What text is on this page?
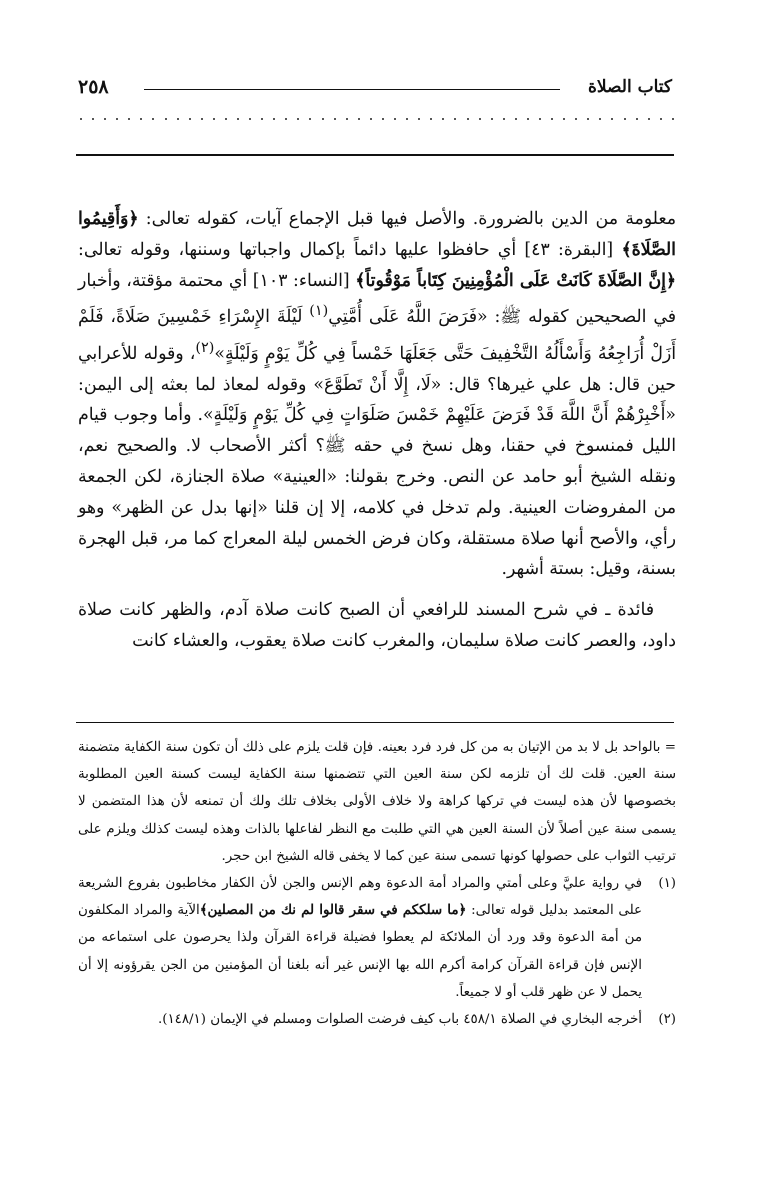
٢٥٨	كتاب الصلاة

معلومة من الدين بالضرورة. والأصل فيها قبل الإجماع آيات، كقوله تعالى: ﴿وَأَقِيمُوا الصَّلَاةَ﴾ [البقرة: ٤٣] أي حافظوا عليها دائماً بإكمال واجباتها وسننها، وقوله تعالى: ﴿إِنَّ الصَّلَاةَ كَانَتْ عَلَى الْمُؤْمِنِينَ كِتَاباً مَوْقُوتاً﴾ [النساء: ١٠٣] أي محتمة مؤقتة، وأخبار في الصحيحين كقوله ﷺ: «فَرَضَ اللَّهُ عَلَى أُمَّتِي$^{(١)}$ لَيْلَةَ الإِسْرَاءِ خَمْسِينَ صَلَاةً، فَلَمْ أَزَلْ أُرَاجِعُهُ وَأَسْأَلُهُ التَّخْفِيفَ حَتَّى جَعَلَهَا خَمْساً فِي كُلِّ يَوْمٍ وَلَيْلَةٍ»$^{(٢)}$، وقوله للأعرابي حين قال: هل علي غيرها؟ قال: «لَا، إِلَّا أَنْ تَطَوَّعَ» وقوله لمعاذ لما بعثه إلى اليمن: «أَخْبِرْهُمْ أَنَّ اللَّهَ قَدْ فَرَضَ عَلَيْهِمْ خَمْسَ صَلَوَاتٍ فِي كُلِّ يَوْمٍ وَلَيْلَةٍ». وأما وجوب قيام الليل فمنسوخ في حقنا، وهل نسخ في حقه ﷺ؟ أكثر الأصحاب لا. والصحيح نعم، ونقله الشيخ أبو حامد عن النص. وخرج بقولنا: «العينية» صلاة الجنازة، لكن الجمعة من المفروضات العينية. ولم تدخل في كلامه، إلا إن قلنا «إنها بدل عن الظهر» وهو رأي، والأصح أنها صلاة مستقلة، وكان فرض الخمس ليلة المعراج كما مر، قبل الهجرة بسنة، وقيل: بستة أشهر.

فائدة ـ في شرح المسند للرافعي أن الصبح كانت صلاة آدم، والظهر كانت صلاة داود، والعصر كانت صلاة سليمان، والمغرب كانت صلاة يعقوب، والعشاء كانت

= بالواحد بل لا بد من الإتيان به من كل فرد فرد بعينه. فإن قلت يلزم على ذلك أن تكون سنة الكفاية متضمنة سنة العين. قلت لك أن تلزمه لكن سنة العين التي تتضمنها سنة الكفاية ليست كسنة العين المطلوبة بخصوصها لأن هذه ليست في تركها كراهة ولا خلاف الأولى بخلاف تلك ولك أن تمنعه لأن هذا المتضمن لا يسمى سنة عين أصلاً لأن السنة العين هي التي طلبت مع النظر لفاعلها بالذات وهذه ليست كذلك ويلزم على ترتيب الثواب على حصولها كونها تسمى سنة عين كما لا يخفى قاله الشيخ ابن حجر.

(١)
في رواية عليَّ وعلى أمتي والمراد أمة الدعوة وهم الإنس والجن لأن الكفار مخاطبون بفروع الشريعة على المعتمد بدليل قوله تعالى: ﴿ما سلككم في سقر قالوا لم نك من المصلين﴾الآية والمراد المكلفون من أمة الدعوة وقد ورد أن الملائكة لم يعطوا فضيلة قراءة القرآن ولذا يحرصون على استماعه من الإنس فإن قراءة القرآن كرامة أكرم الله بها الإنس غير أنه بلغنا أن المؤمنين من الجن يقرؤونه إلا أن يحمل لا عن ظهر قلب أو لا جميعاً.

(٢)
أخرجه البخاري في الصلاة ٤٥٨/١ باب كيف فرضت الصلوات ومسلم في الإيمان (١٤٨/١).
